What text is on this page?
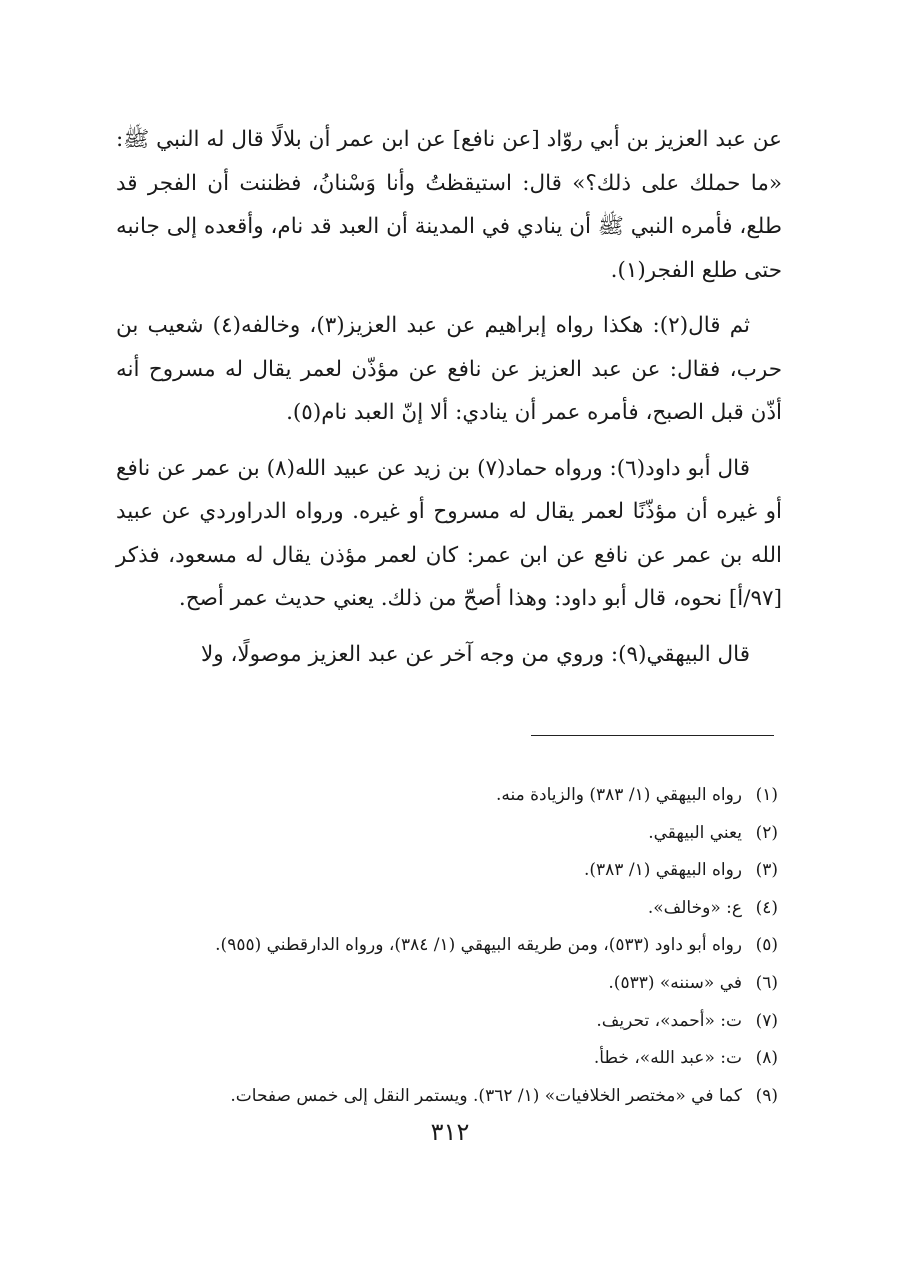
عن عبد العزيز بن أبي روّاد [عن نافع] عن ابن عمر أن بلالًا قال له النبي ﷺ: «ما حملك على ذلك؟» قال: استيقظتُ وأنا وَسْنانُ، فظننت أن الفجر قد طلع، فأمره النبي ﷺ أن ينادي في المدينة أن العبد قد نام، وأقعده إلى جانبه حتى طلع الفجر(١).

ثم قال(٢): هكذا رواه إبراهيم عن عبد العزيز(٣)، وخالفه(٤) شعيب بن حرب، فقال: عن عبد العزيز عن نافع عن مؤذّن لعمر يقال له مسروح أنه أذّن قبل الصبح، فأمره عمر أن ينادي: ألا إنّ العبد نام(٥).

قال أبو داود(٦): ورواه حماد(٧) بن زيد عن عبيد الله(٨) بن عمر عن نافع أو غيره أن مؤذّنًا لعمر يقال له مسروح أو غيره. ورواه الدراوردي عن عبيد الله بن عمر عن نافع عن ابن عمر: كان لعمر مؤذن يقال له مسعود، فذكر [٩٧/أ] نحوه، قال أبو داود: وهذا أصحّ من ذلك. يعني حديث عمر أصح.

قال البيهقي(٩): وروي من وجه آخر عن عبد العزيز موصولًا، ولا

(١)رواه البيهقي (١/ ٣٨٣) والزيادة منه.
(٢)يعني البيهقي.
(٣)رواه البيهقي (١/ ٣٨٣).
(٤)ع: «وخالف».
(٥)رواه أبو داود (٥٣٣)، ومن طريقه البيهقي (١/ ٣٨٤)، ورواه الدارقطني (٩٥٥).
(٦)في «سننه» (٥٣٣).
(٧)ت: «أحمد»، تحريف.
(٨)ت: «عبد الله»، خطأ.
(٩)كما في «مختصر الخلافيات» (١/ ٣٦٢). ويستمر النقل إلى خمس صفحات.
٣١٢
